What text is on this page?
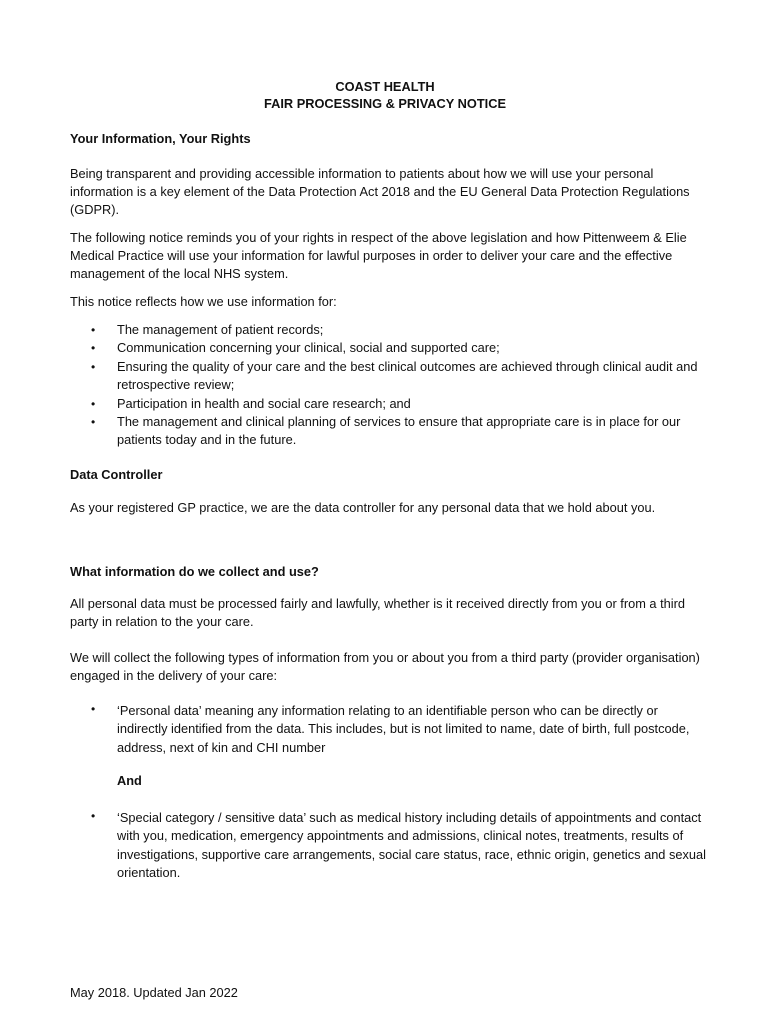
COAST HEALTH
FAIR PROCESSING & PRIVACY NOTICE
Your Information, Your Rights
Being transparent and providing accessible information to patients about how we will use your personal information is a key element of the Data Protection Act 2018 and the EU General Data Protection Regulations (GDPR).
The following notice reminds you of your rights in respect of the above legislation and how Pittenweem & Elie Medical Practice will use your information for lawful purposes in order to deliver your care and the effective management of the local NHS system.
This notice reflects how we use information for:
• The management of patient records;
• Communication concerning your clinical, social and supported care;
• Ensuring the quality of your care and the best clinical outcomes are achieved through clinical audit and retrospective review;
• Participation in health and social care research; and
• The management and clinical planning of services to ensure that appropriate care is in place for our patients today and in the future.
Data Controller
As your registered GP practice, we are the data controller for any personal data that we hold about you.
What information do we collect and use?
All personal data must be processed fairly and lawfully, whether is it received directly from you or from a third party in relation to the your care.
We will collect the following types of information from you or about you from a third party (provider organisation) engaged in the delivery of your care:
• ‘Personal data’ meaning any information relating to an identifiable person who can be directly or indirectly identified from the data. This includes, but is not limited to name, date of birth, full postcode, address, next of kin and CHI number
And
• ‘Special category / sensitive data’ such as medical history including details of appointments and contact with you, medication, emergency appointments and admissions, clinical notes, treatments, results of investigations, supportive care arrangements, social care status, race, ethnic origin, genetics and sexual orientation.
May 2018. Updated Jan 2022
